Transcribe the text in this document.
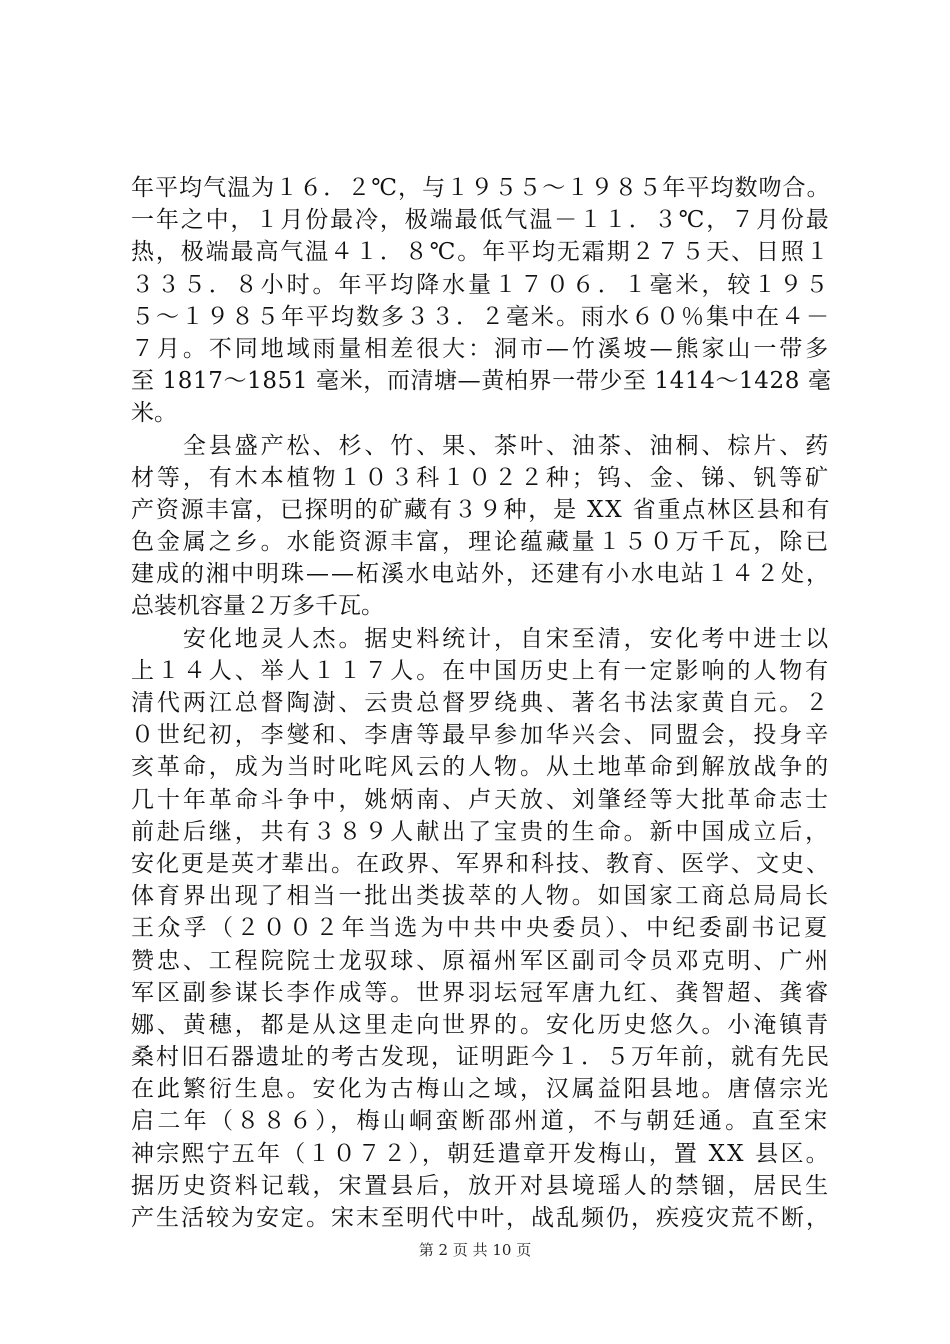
年平均气温为１６．２℃，与１９５５～１９８５年平均数吻合。
一年之中，１月份最冷，极端最低气温－１１．３℃，７月份最
热，极端最高气温４１．８℃。年平均无霜期２７５天、日照１
３３５．８小时。年平均降水量１７０６．１毫米，较１９５
５～１９８５年平均数多３３．２毫米。雨水６０％集中在４－
７月。不同地域雨量相差很大：洞市—竹溪坡—熊家山一带多
至 1817～1851 毫米，而清塘—黄柏界一带少至 1414～1428 毫
米。
　　全县盛产松、杉、竹、果、茶叶、油茶、油桐、棕片、药
材等，有木本植物１０３科１０２２种；钨、金、锑、钒等矿
产资源丰富，已探明的矿藏有３９种，是 XX 省重点林区县和有
色金属之乡。水能资源丰富，理论蕴藏量１５０万千瓦，除已
建成的湘中明珠——柘溪水电站外，还建有小水电站１４２处，
总装机容量２万多千瓦。
　　安化地灵人杰。据史料统计，自宋至清，安化考中进士以
上１４人、举人１１７人。在中国历史上有一定影响的人物有
清代两江总督陶澍、云贵总督罗绕典、著名书法家黄自元。２
０世纪初，李燮和、李唐等最早参加华兴会、同盟会，投身辛
亥革命，成为当时叱咤风云的人物。从土地革命到解放战争的
几十年革命斗争中，姚炳南、卢天放、刘肇经等大批革命志士
前赴后继，共有３８９人献出了宝贵的生命。新中国成立后，
安化更是英才辈出。在政界、军界和科技、教育、医学、文史、
体育界出现了相当一批出类拔萃的人物。如国家工商总局局长
王众孚（２００２年当选为中共中央委员）、中纪委副书记夏
赞忠、工程院院士龙驭球、原福州军区副司令员邓克明、广州
军区副参谋长李作成等。世界羽坛冠军唐九红、龚智超、龚睿
娜、黄穗，都是从这里走向世界的。安化历史悠久。小淹镇青
桑村旧石器遗址的考古发现，证明距今１．５万年前，就有先民
在此繁衍生息。安化为古梅山之域，汉属益阳县地。唐僖宗光
启二年（８８６），梅山峒蛮断邵州道，不与朝廷通。直至宋
神宗熙宁五年（１０７２），朝廷遣章开发梅山，置 XX 县区。
据历史资料记载，宋置县后，放开对县境瑶人的禁锢，居民生
产生活较为安定。宋末至明代中叶，战乱频仍，疾疫灾荒不断，
第 2 页 共 10 页
